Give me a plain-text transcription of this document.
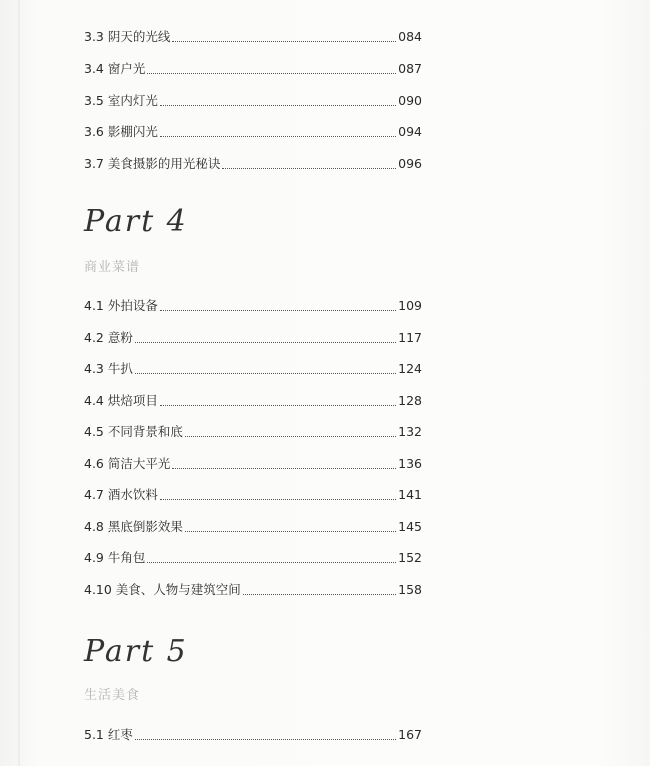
3.3 阴天的光线	084
3.4 窗户光	087
3.5 室内灯光	090
3.6 影棚闪光	094
3.7 美食摄影的用光秘诀	096
Part 4
商业菜谱
4.1 外拍设备	109
4.2 意粉	117
4.3 牛扒	124
4.4 烘焙项目	128
4.5 不同背景和底	132
4.6 简洁大平光	136
4.7 酒水饮料	141
4.8 黑底倒影效果	145
4.9 牛角包	152
4.10 美食、人物与建筑空间	158
Part 5
生活美食
5.1 红枣	167
